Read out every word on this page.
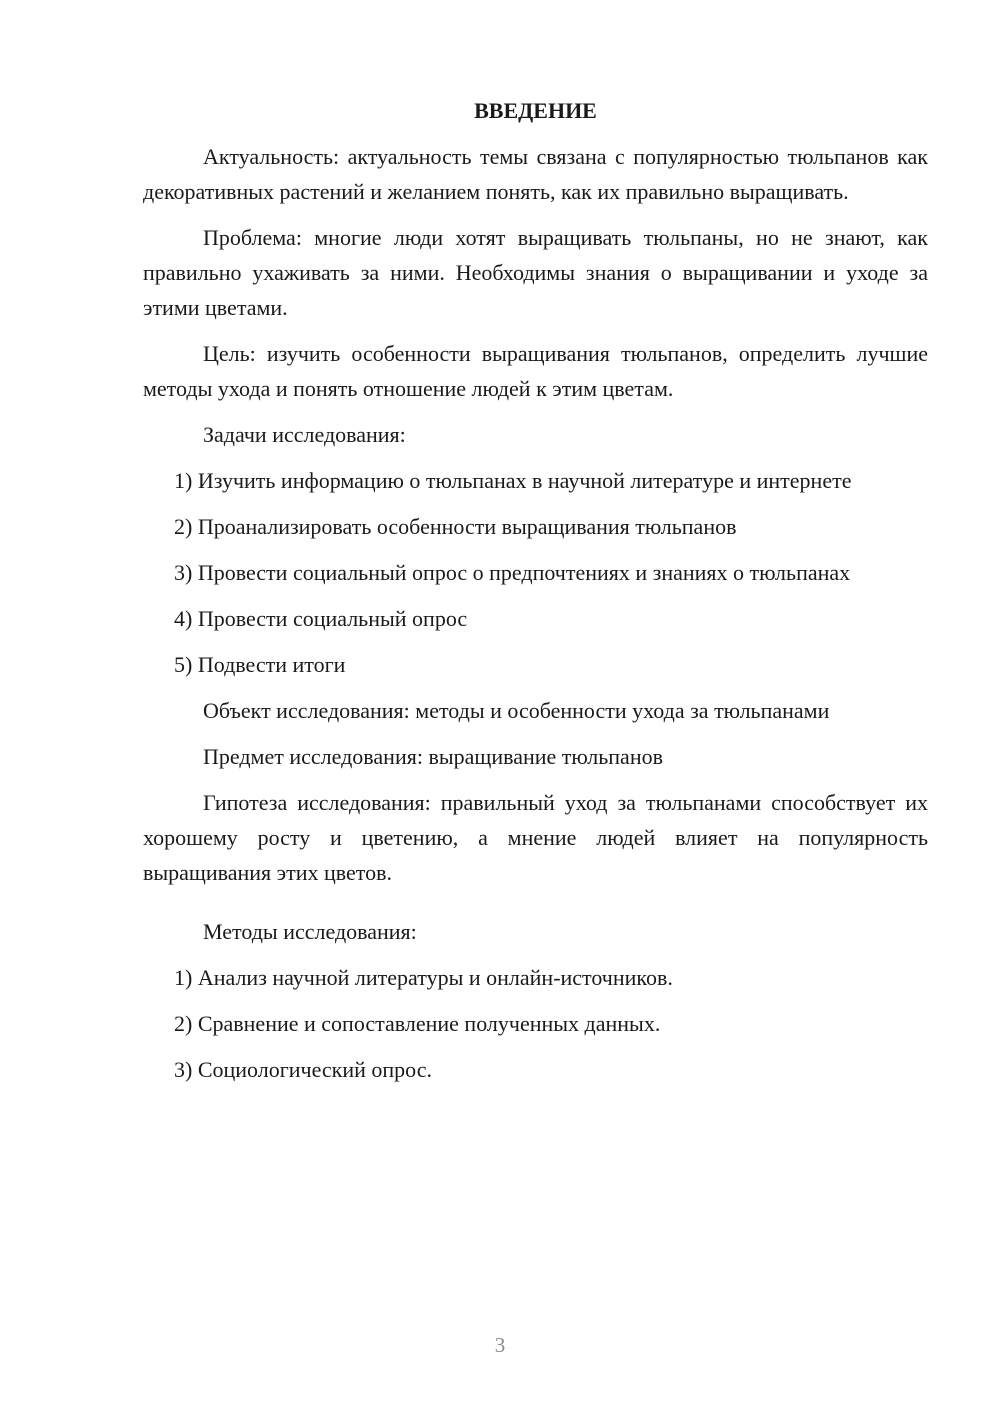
ВВЕДЕНИЕ

Актуальность: актуальность темы связана с популярностью тюльпанов как декоративных растений и желанием понять, как их правильно выращивать.

Проблема: многие люди хотят выращивать тюльпаны, но не знают, как правильно ухаживать за ними. Необходимы знания о выращивании и уходе за этими цветами.

Цель: изучить особенности выращивания тюльпанов, определить лучшие методы ухода и понять отношение людей к этим цветам.

Задачи исследования:

1) Изучить информацию о тюльпанах в научной литературе и интернете

2) Проанализировать особенности выращивания тюльпанов

3) Провести социальный опрос о предпочтениях и знаниях о тюльпанах

4) Провести социальный опрос

5) Подвести итоги

Объект исследования: методы и особенности ухода за тюльпанами

Предмет исследования: выращивание тюльпанов

Гипотеза исследования: правильный уход за тюльпанами способствует их хорошему росту и цветению, а мнение людей влияет на популярность выращивания этих цветов.

Методы исследования:

1) Анализ научной литературы и онлайн-источников.

2) Сравнение и сопоставление полученных данных.

3) Социологический опрос.

3
